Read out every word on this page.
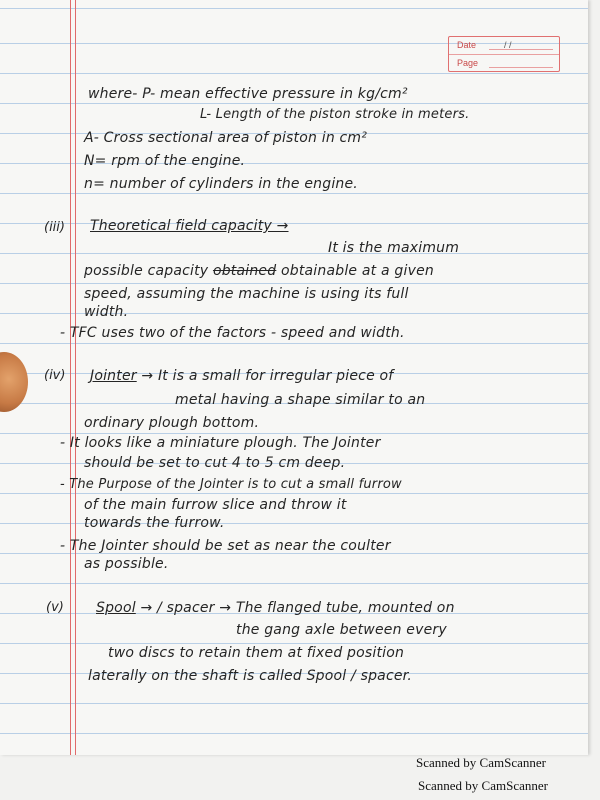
Date	/ /
Page
where- P- mean effective pressure in kg/cm²
L- Length of the piston stroke in meters.
A- Cross sectional area of piston in cm²
N= rpm of the engine.
n= number of cylinders in the engine.
(iii) Theoretical field capacity →
It is the maximum
possible capacity obtained obtainable at a given
speed, assuming the machine is using its full
width.
- TFC uses two of the factors - speed and width.
(iv) Jointer → It is a small for irregular piece of
metal having a shape similar to an
ordinary plough bottom.
- It looks like a miniature plough. The Jointer
should be set to cut 4 to 5 cm deep.
- The Purpose of the Jointer is to cut a small furrow
of the main furrow slice and throw it
towards the furrow.
- The Jointer should be set as near the coulter
as possible.
(v) Spool → / spacer → The flanged tube, mounted on
the gang axle between every
two discs to retain them at fixed position
laterally on the shaft is called Spool / spacer.
Scanned by CamScanner
Scanned by CamScanner
